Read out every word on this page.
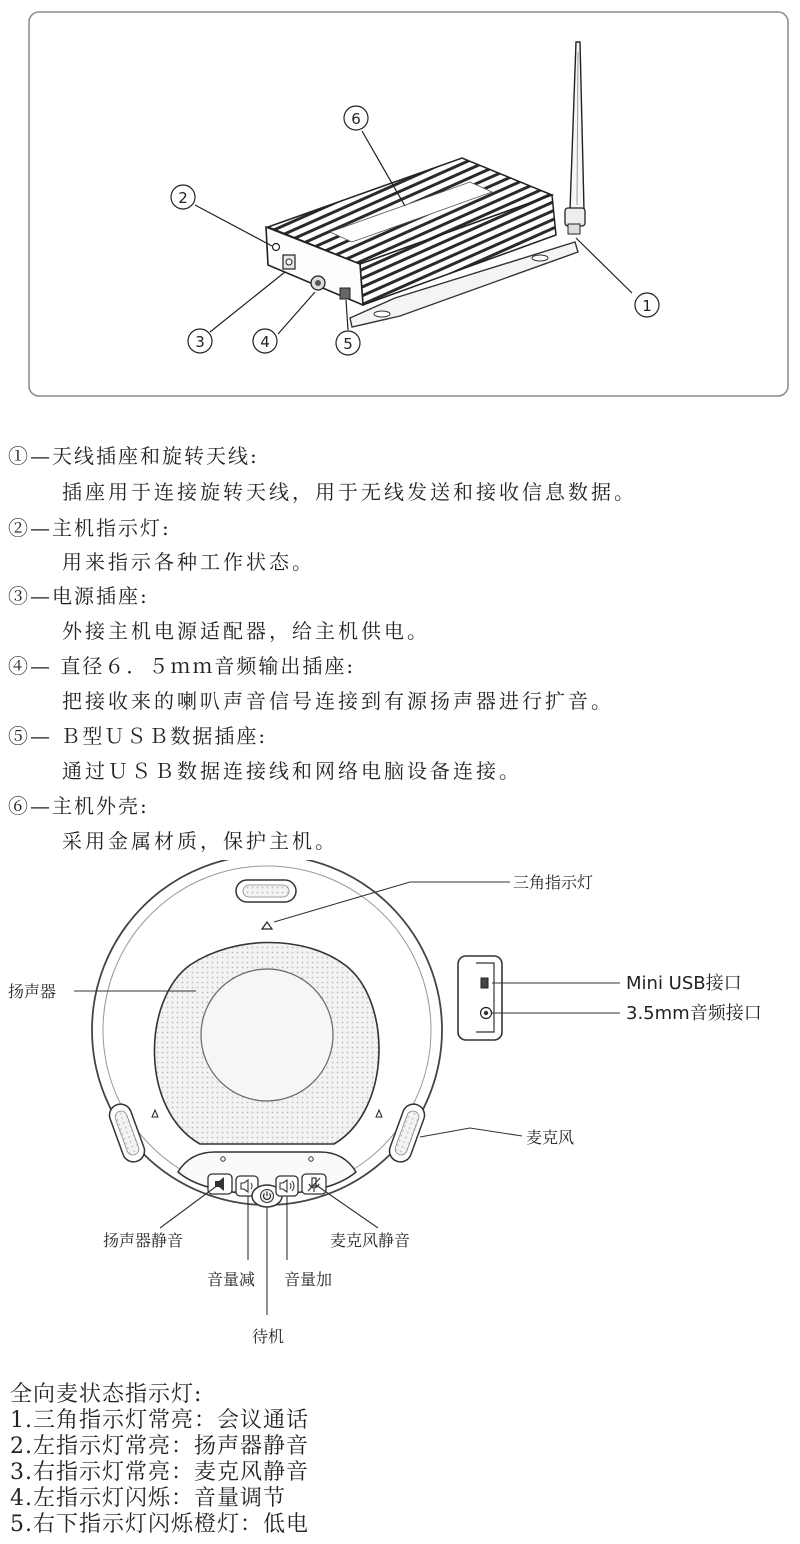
6
2
3	4	5
1
①—天线插座和旋转天线:
插座用于连接旋转天线，用于无线发送和接收信息数据。
②—主机指示灯:
用来指示各种工作状态。
③—电源插座:
外接主机电源适配器，给主机供电。
④— 直径６．５ｍｍ音频输出插座:
把接收来的喇叭声音信号连接到有源扬声器进行扩音。
⑤— Ｂ型ＵＳＢ数据插座:
通过ＵＳＢ数据连接线和网络电脑设备连接。
⑥—主机外壳:
采用金属材质，保护主机。
三角指示灯
扬声器	Mini USB接口
3.5mm音频接口
麦克风
扬声器静音	麦克风静音
音量减 音量加
待机
全向麦状态指示灯:
1.三角指示灯常亮：会议通话
2.左指示灯常亮：扬声器静音
3.右指示灯常亮：麦克风静音
4.左指示灯闪烁：音量调节
5.右下指示灯闪烁橙灯：低电
